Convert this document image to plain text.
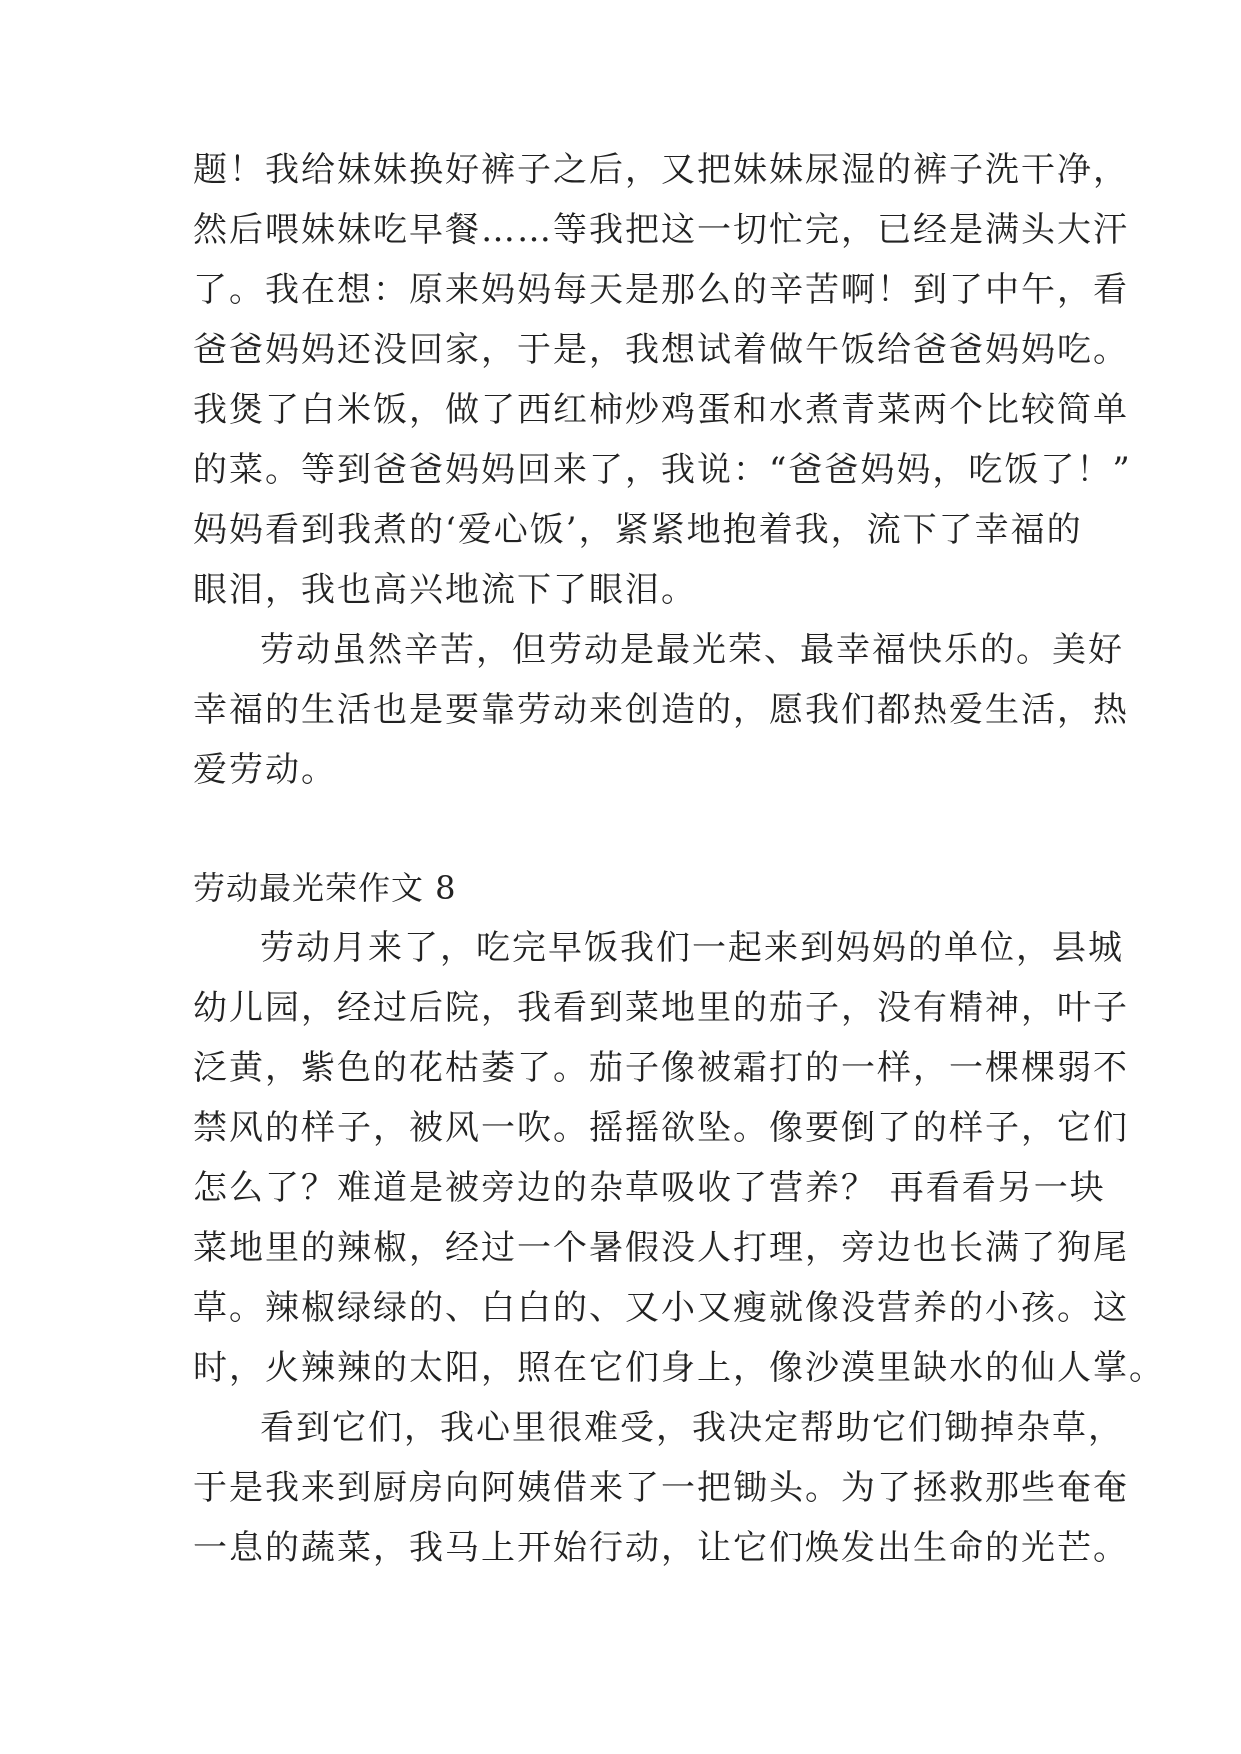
题！我给妹妹换好裤子之后，又把妹妹尿湿的裤子洗干净，
然后喂妹妹吃早餐……等我把这一切忙完，已经是满头大汗
了。我在想：原来妈妈每天是那么的辛苦啊！到了中午，看
爸爸妈妈还没回家，于是，我想试着做午饭给爸爸妈妈吃。
我煲了白米饭，做了西红柿炒鸡蛋和水煮青菜两个比较简单
的菜。等到爸爸妈妈回来了，我说：“爸爸妈妈，吃饭了！”
妈妈看到我煮的‘爱心饭’，紧紧地抱着我，流下了幸福的
眼泪，我也高兴地流下了眼泪。
劳动虽然辛苦，但劳动是最光荣、最幸福快乐的。美好
幸福的生活也是要靠劳动来创造的，愿我们都热爱生活，热
爱劳动。
劳动最光荣作文 8
劳动月来了，吃完早饭我们一起来到妈妈的单位，县城
幼儿园，经过后院，我看到菜地里的茄子，没有精神，叶子
泛黄，紫色的花枯萎了。茄子像被霜打的一样，一棵棵弱不
禁风的样子，被风一吹。摇摇欲坠。像要倒了的样子，它们
怎么了？难道是被旁边的杂草吸收了营养？ 再看看另一块
菜地里的辣椒，经过一个暑假没人打理，旁边也长满了狗尾
草。辣椒绿绿的、白白的、又小又瘦就像没营养的小孩。这
时，火辣辣的太阳，照在它们身上，像沙漠里缺水的仙人掌。
看到它们，我心里很难受，我决定帮助它们锄掉杂草，
于是我来到厨房向阿姨借来了一把锄头。为了拯救那些奄奄
一息的蔬菜，我马上开始行动，让它们焕发出生命的光芒。
